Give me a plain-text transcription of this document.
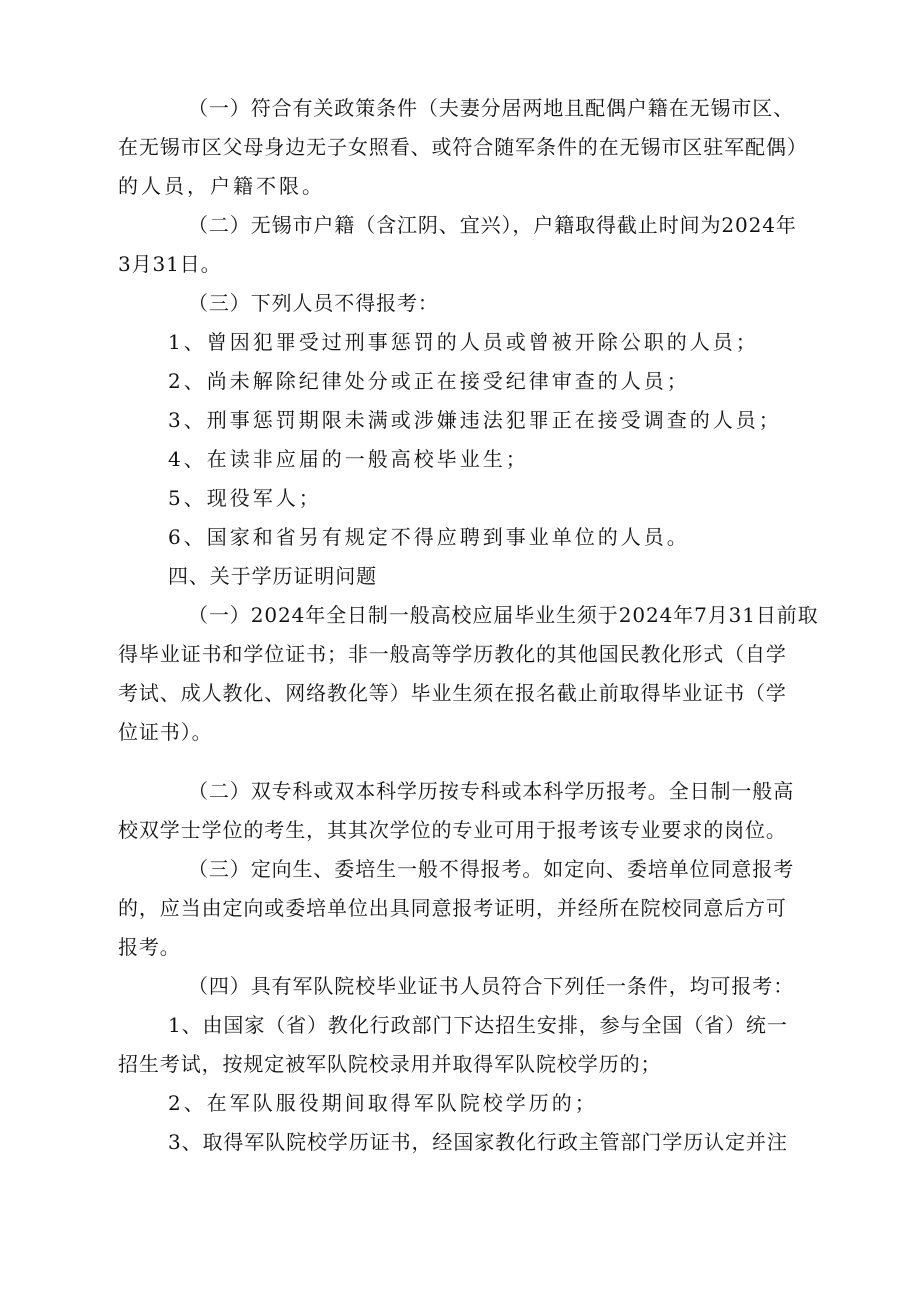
（一）符合有关政策条件（夫妻分居两地且配偶户籍在无锡市区、
在无锡市区父母身边无子女照看、或符合随军条件的在无锡市区驻军配偶）
的人员，户籍不限。
（二）无锡市户籍（含江阴、宜兴），户籍取得截止时间为2024年
3月31日。
（三）下列人员不得报考：
1、曾因犯罪受过刑事惩罚的人员或曾被开除公职的人员；
2、尚未解除纪律处分或正在接受纪律审查的人员；
3、刑事惩罚期限未满或涉嫌违法犯罪正在接受调查的人员；
4、在读非应届的一般高校毕业生；
5、现役军人；
6、国家和省另有规定不得应聘到事业单位的人员。
四、关于学历证明问题
（一）2024年全日制一般高校应届毕业生须于2024年7月31日前取
得毕业证书和学位证书；非一般高等学历教化的其他国民教化形式（自学
考试、成人教化、网络教化等）毕业生须在报名截止前取得毕业证书（学
位证书）。
（二）双专科或双本科学历按专科或本科学历报考。全日制一般高
校双学士学位的考生，其其次学位的专业可用于报考该专业要求的岗位。
（三）定向生、委培生一般不得报考。如定向、委培单位同意报考
的，应当由定向或委培单位出具同意报考证明，并经所在院校同意后方可
报考。
（四）具有军队院校毕业证书人员符合下列任一条件，均可报考：
1、由国家（省）教化行政部门下达招生安排，参与全国（省）统一
招生考试，按规定被军队院校录用并取得军队院校学历的；
2、在军队服役期间取得军队院校学历的；
3、取得军队院校学历证书，经国家教化行政主管部门学历认定并注
